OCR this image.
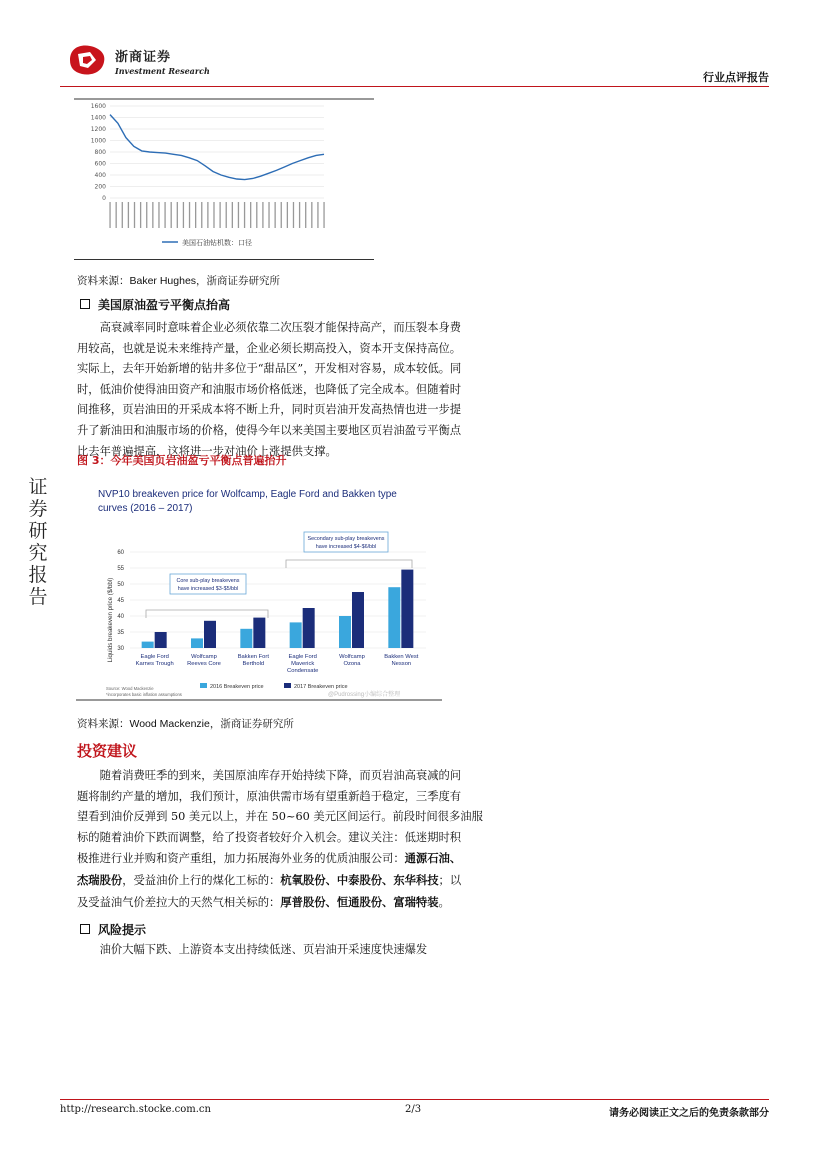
浙商证券
Investment Research	行业点评报告
证券研究报告
1600
1400
1200
1000
800
600
400
200
0
美国石油钻机数：口径
资料来源：Baker Hughes，浙商证券研究所
美国原油盈亏平衡点抬高
高衰减率同时意味着企业必须依靠二次压裂才能保持高产，而压裂本身费
用较高，也就是说未来维持产量，企业必须长期高投入，资本开支保持高位。
实际上，去年开始新增的钻井多位于“甜品区”，开发相对容易，成本较低。同
时，低油价使得油田资产和油服市场价格低迷，也降低了完全成本。但随着时
间推移，页岩油田的开采成本将不断上升，同时页岩油开发高热情也进一步提
升了新油田和油服市场的价格，使得今年以来美国主要地区页岩油盈亏平衡点
比去年普遍提高，这将进一步对油价上涨提供支撑。
图 3：今年美国页岩油盈亏平衡点普遍抬升
NVP10 breakeven price for Wolfcamp, Eagle Ford and Bakken type
curves (2016 – 2017)
Liquids breakeven price ($/bbl)
60
55
50
45
40
35
30
Eagle Ford
Karnes Trough
Wolfcamp
Reeves Core
Bakken Fort
Berthold
Eagle Ford
Maverick
Condensate
Wolfcamp
Ozona
Bakken West
Nesson
Core sub-play breakevens
have increased $3-$5/bbl
Secondary sub-play breakevens
have increased $4-$6/bbl
2016 Breakeven price	2017 Breakeven price
Source: Wood Mackenzie
*incorporates basic inflation assumptions	@Pudrossing小编综合整理
资料来源：Wood Mackenzie，浙商证券研究所
投资建议
随着消费旺季的到来，美国原油库存开始持续下降，而页岩油高衰减的问
题将制约产量的增加，我们预计，原油供需市场有望重新趋于稳定，三季度有
望看到油价反弹到 50 美元以上，并在 50~60 美元区间运行。前段时间很多油服
标的随着油价下跌而调整，给了投资者较好介入机会。建议关注：低迷期时积
极推进行业并购和资产重组，加力拓展海外业务的优质油服公司：通源石油、
杰瑞股份，受益油价上行的煤化工标的：杭氧股份、中泰股份、东华科技；以
及受益油气价差拉大的天然气相关标的：厚普股份、恒通股份、富瑞特装。
风险提示
油价大幅下跌、上游资本支出持续低迷、页岩油开采速度快速爆发
http://research.stocke.com.cn	2/3	请务必阅读正文之后的免责条款部分
